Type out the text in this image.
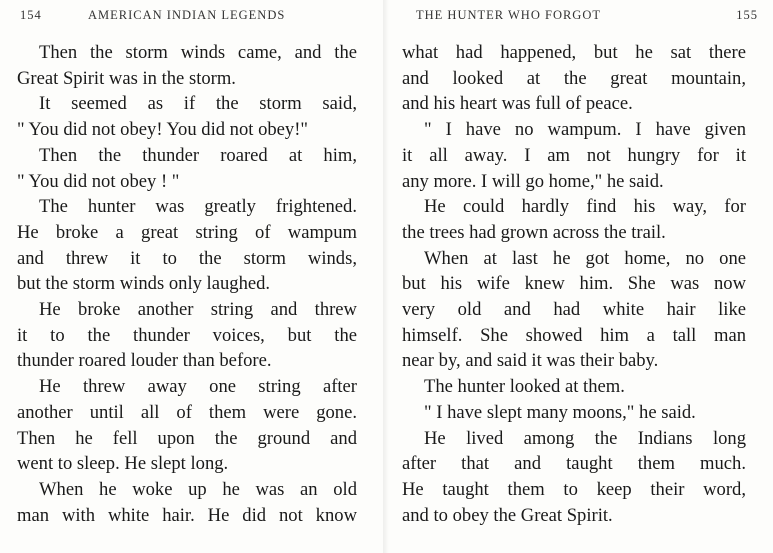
154	AMERICAN INDIAN LEGENDS
Then the storm winds came, and the
Great Spirit was in the storm.
It seemed as if the storm said,
" You did not obey! You did not obey!"
Then the thunder roared at him,
" You did not obey ! "
The hunter was greatly frightened.
He broke a great string of wampum
and threw it to the storm winds,
but the storm winds only laughed.
He broke another string and threw
it to the thunder voices, but the
thunder roared louder than before.
He threw away one string after
another until all of them were gone.
Then he fell upon the ground and
went to sleep. He slept long.
When he woke up he was an old
man with white hair. He did not know
THE HUNTER WHO FORGOT	155
what had happened, but he sat there
and looked at the great mountain,
and his heart was full of peace.
" I have no wampum. I have given
it all away. I am not hungry for it
any more. I will go home," he said.
He could hardly find his way, for
the trees had grown across the trail.
When at last he got home, no one
but his wife knew him. She was now
very old and had white hair like
himself. She showed him a tall man
near by, and said it was their baby.
The hunter looked at them.
" I have slept many moons," he said.
He lived among the Indians long
after that and taught them much.
He taught them to keep their word,
and to obey the Great Spirit.
